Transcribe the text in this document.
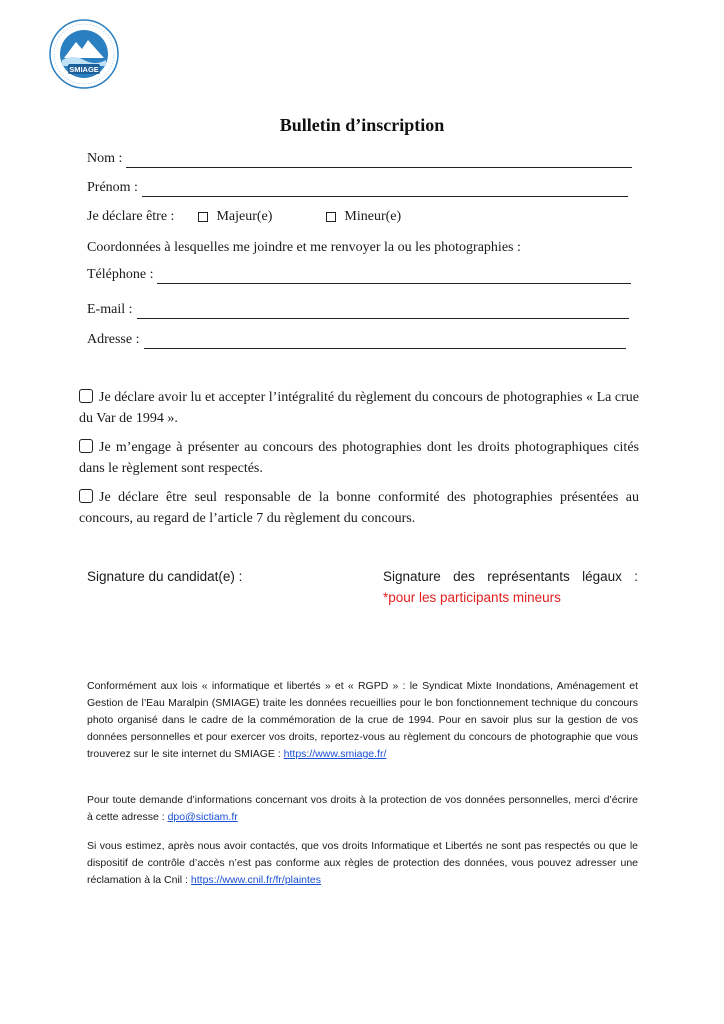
SMIAGE
Bulletin d’inscription
Nom :
Prénom :
Je déclare être :	Majeur(e)	Mineur(e)
Coordonnées à lesquelles me joindre et me renvoyer la ou les photographies :
Téléphone :
E-mail :
Adresse :
Je déclare avoir lu et accepter l’intégralité du règlement du concours de photographies « La crue du Var de 1994 ».
Je m’engage à présenter au concours des photographies dont les droits photographiques cités dans le règlement sont respectés.
Je déclare être seul responsable de la bonne conformité des photographies présentées au concours, au regard de l’article 7 du règlement du concours.
Signature du candidat(e) :	Signature des représentants légaux :
*pour les participants mineurs
Conformément aux lois « informatique et libertés » et « RGPD » : le Syndicat Mixte Inondations, Aménagement et Gestion de l’Eau Maralpin (SMIAGE) traite les données recueillies pour le bon fonctionnement technique du concours photo organisé dans le cadre de la commémoration de la crue de 1994. Pour en savoir plus sur la gestion de vos données personnelles et pour exercer vos droits, reportez-vous au règlement du concours de photographie que vous trouverez sur le site internet du SMIAGE : https://www.smiage.fr/
Pour toute demande d’informations concernant vos droits à la protection de vos données personnelles, merci d’écrire à cette adresse : dpo@sictiam.fr
Si vous estimez, après nous avoir contactés, que vos droits Informatique et Libertés ne sont pas respectés ou que le dispositif de contrôle d’accès n’est pas conforme aux règles de protection des données, vous pouvez adresser une réclamation à la Cnil : https://www.cnil.fr/fr/plaintes
